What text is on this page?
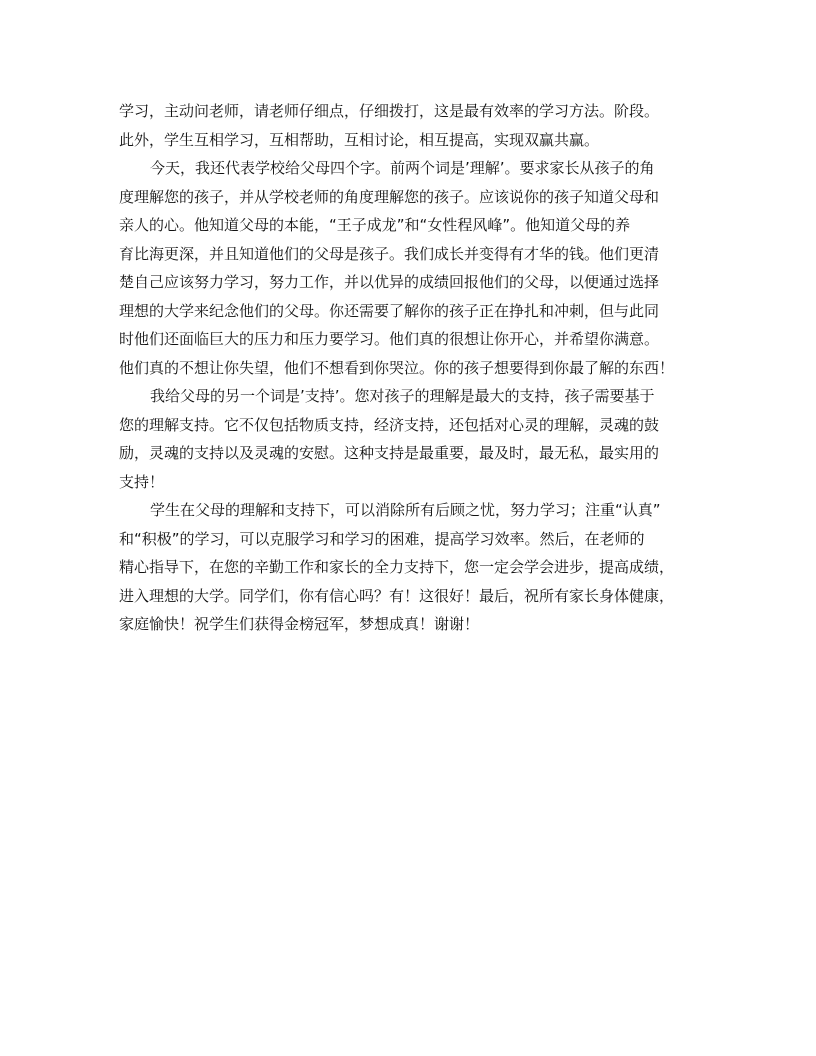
学习，主动问老师，请老师仔细点，仔细拨打，这是最有效率的学习方法。阶段。
此外，学生互相学习，互相帮助，互相讨论，相互提高，实现双赢共赢。
今天，我还代表学校给父母四个字。前两个词是’理解’。要求家长从孩子的角
度理解您的孩子，并从学校老师的角度理解您的孩子。应该说你的孩子知道父母和
亲人的心。他知道父母的本能，“王子成龙”和“女性程风峰”。他知道父母的养
育比海更深，并且知道他们的父母是孩子。我们成长并变得有才华的钱。他们更清
楚自己应该努力学习，努力工作，并以优异的成绩回报他们的父母，以便通过选择
理想的大学来纪念他们的父母。你还需要了解你的孩子正在挣扎和冲刺，但与此同
时他们还面临巨大的压力和压力要学习。他们真的很想让你开心，并希望你满意。
他们真的不想让你失望，他们不想看到你哭泣。你的孩子想要得到你最了解的东西！
我给父母的另一个词是’支持’。您对孩子的理解是最大的支持，孩子需要基于
您的理解支持。它不仅包括物质支持，经济支持，还包括对心灵的理解，灵魂的鼓
励，灵魂的支持以及灵魂的安慰。这种支持是最重要，最及时，最无私，最实用的
支持！
学生在父母的理解和支持下，可以消除所有后顾之忧，努力学习；注重“认真”
和“积极”的学习，可以克服学习和学习的困难，提高学习效率。然后，在老师的
精心指导下，在您的辛勤工作和家长的全力支持下，您一定会学会进步，提高成绩，
进入理想的大学。同学们，你有信心吗？有！这很好！最后，祝所有家长身体健康，
家庭愉快！祝学生们获得金榜冠军，梦想成真！谢谢！
